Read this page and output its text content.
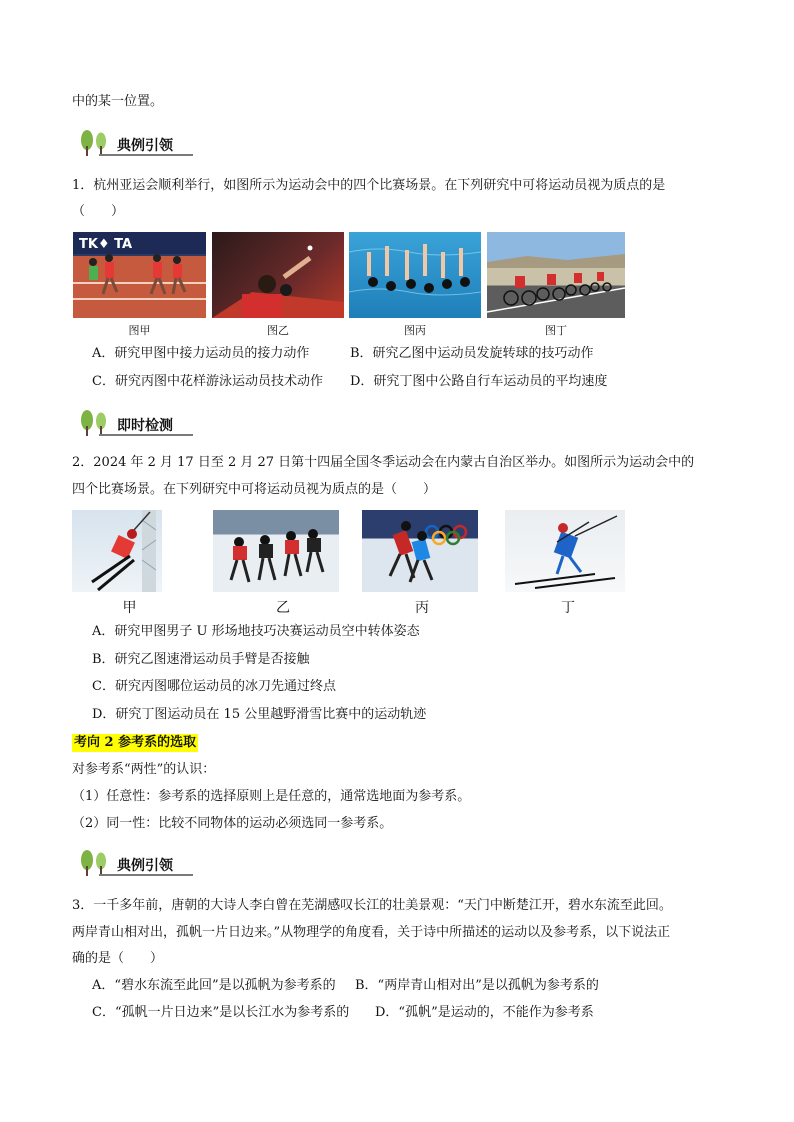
中的某一位置。
典例引领
1．杭州亚运会顺利举行，如图所示为运动会中的四个比赛场景。在下列研究中可将运动员视为质点的是
（　　）
TK♦ TA
图甲	图乙	图丙	图丁
A．研究甲图中接力运动员的接力动作	B．研究乙图中运动员发旋转球的技巧动作
C．研究丙图中花样游泳运动员技术动作 D．研究丁图中公路自行车运动员的平均速度
即时检测
2．2024 年 2 月 17 日至 2 月 27 日第十四届全国冬季运动会在内蒙古自治区举办。如图所示为运动会中的
四个比赛场景。在下列研究中可将运动员视为质点的是（　　）
甲	乙	丙	丁
A．研究甲图男子 U 形场地技巧决赛运动员空中转体姿态
B．研究乙图速滑运动员手臂是否接触
C．研究丙图哪位运动员的冰刀先通过终点
D．研究丁图运动员在 15 公里越野滑雪比赛中的运动轨迹
考向 2 参考系的选取
对参考系“两性”的认识：
（1）任意性：参考系的选择原则上是任意的，通常选地面为参考系。
（2）同一性：比较不同物体的运动必须选同一参考系。
典例引领
3．一千多年前，唐朝的大诗人李白曾在芜湖感叹长江的壮美景观：“天门中断楚江开，碧水东流至此回。
两岸青山相对出，孤帆一片日边来。”从物理学的角度看，关于诗中所描述的运动以及参考系，以下说法正
确的是（　　）
A．“碧水东流至此回”是以孤帆为参考系的 B．“两岸青山相对出”是以孤帆为参考系的
C．“孤帆一片日边来”是以长江水为参考系的 D．“孤帆”是运动的，不能作为参考系
